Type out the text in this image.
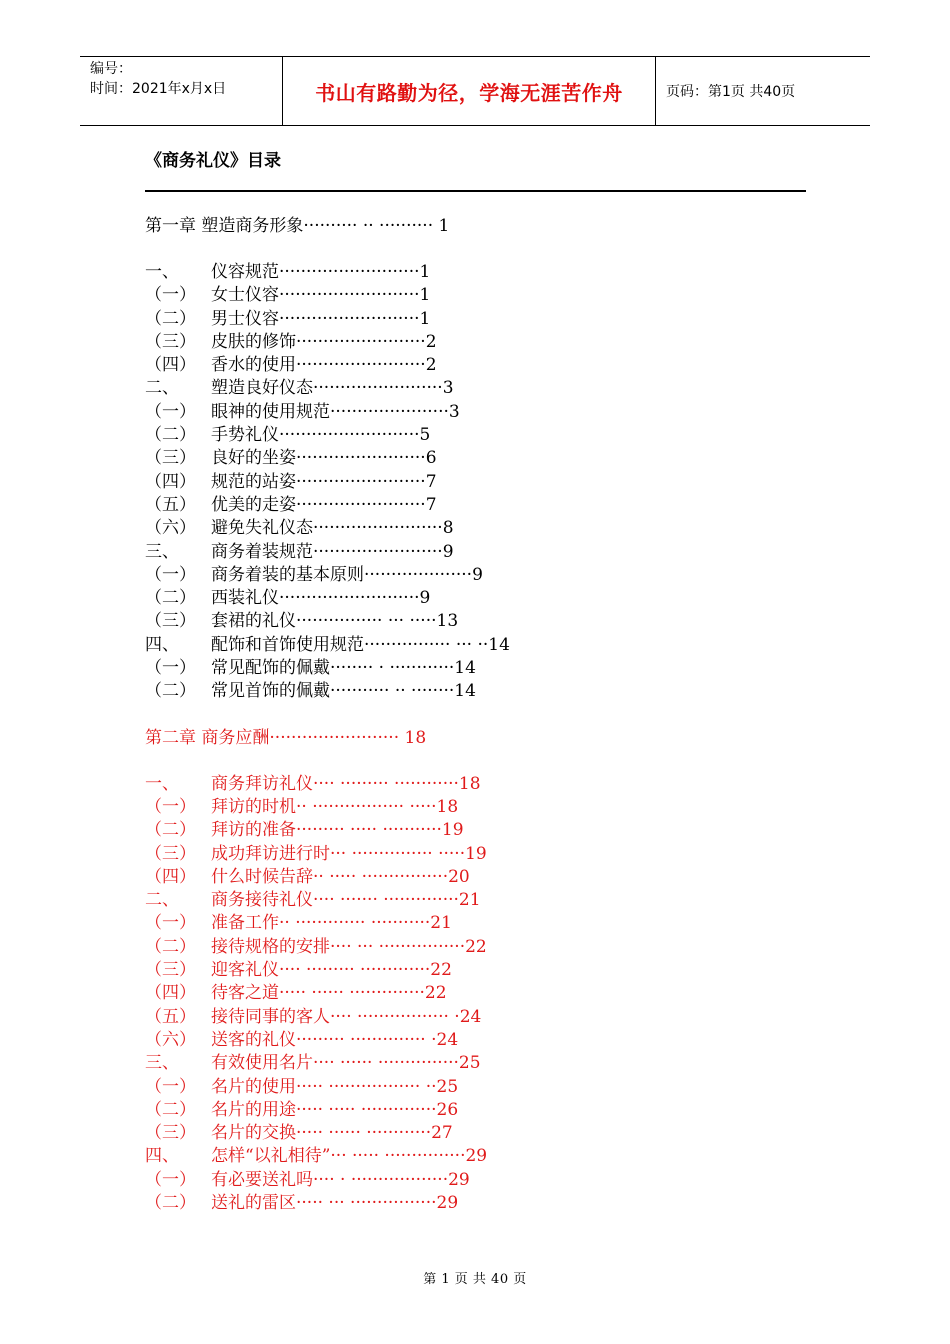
编号：
时间：2021年x月x日	书山有路勤为径，学海无涯苦作舟	页码：第1页 共40页
《商务礼仪》目录
第一章 塑造商务形象·········· ·· ·········· 1
一、	仪容规范··························1
（一） 女士仪容··························1
（二） 男士仪容··························1
（三） 皮肤的修饰························2
（四） 香水的使用························2
二、	塑造良好仪态························3
（一） 眼神的使用规范······················3
（二） 手势礼仪··························5
（三） 良好的坐姿························6
（四） 规范的站姿························7
（五） 优美的走姿························7
（六） 避免失礼仪态························8
三、	商务着装规范························9
（一） 商务着装的基本原则····················9
（二） 西装礼仪··························9
（三） 套裙的礼仪················ ··· ·····13
四、	配饰和首饰使用规范················ ··· ··14
（一） 常见配饰的佩戴········ · ············14
（二） 常见首饰的佩戴··········· ·· ········14
第二章 商务应酬························ 18
一、	商务拜访礼仪···· ········· ············18
（一） 拜访的时机·· ················· ·····18
（二） 拜访的准备········· ····· ···········19
（三） 成功拜访进行时··· ··············· ·····19
（四） 什么时候告辞·· ····· ················20
二、	商务接待礼仪···· ······· ··············21
（一） 准备工作·· ············· ···········21
（二） 接待规格的安排···· ··· ················22
（三） 迎客礼仪···· ········· ·············22
（四） 待客之道····· ······ ··············22
（五） 接待同事的客人···· ················· ·24
（六） 送客的礼仪········· ·············· ·24
三、	有效使用名片···· ······ ···············25
（一） 名片的使用····· ················· ··25
（二） 名片的用途····· ····· ··············26
（三） 名片的交换····· ······ ············27
四、	怎样“以礼相待”··· ····· ···············29
（一） 有必要送礼吗···· · ··················29
（二） 送礼的雷区····· ··· ················29
第 1 页 共 40 页
